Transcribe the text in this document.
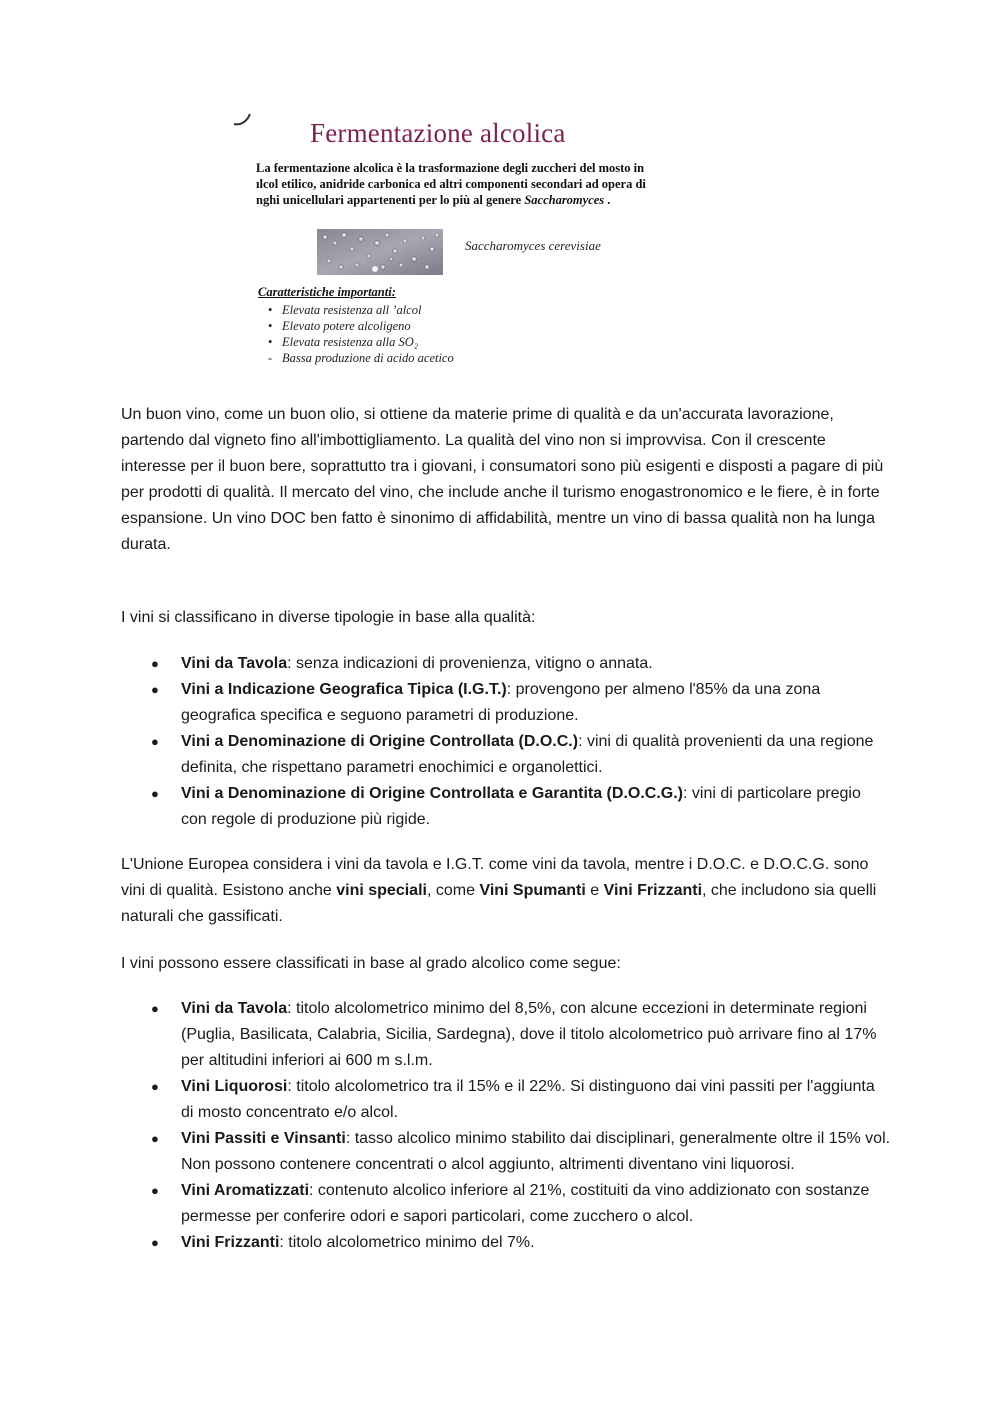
Fermentazione alcolica
La fermentazione alcolica è la trasformazione degli zuccheri del mosto in
ılcol etilico, anidride carbonica ed altri componenti secondari ad opera di
nghi unicellulari appartenenti per lo più al genere Saccharomyces .
Saccharomyces cerevisiae
Caratteristiche importanti:
• Elevata resistenza all ’alcol
• Elevato potere alcoligeno
• Elevata resistenza alla SO₂
- Bassa produzione di acido acetico

Un buon vino, come un buon olio, si ottiene da materie prime di qualità e da un'accurata lavorazione, partendo dal vigneto fino all'imbottigliamento. La qualità del vino non si improvvisa. Con il crescente interesse per il buon bere, soprattutto tra i giovani, i consumatori sono più esigenti e disposti a pagare di più per prodotti di qualità. Il mercato del vino, che include anche il turismo enogastronomico e le fiere, è in forte espansione. Un vino DOC ben fatto è sinonimo di affidabilità, mentre un vino di bassa qualità non ha lunga durata.

I vini si classificano in diverse tipologie in base alla qualità:

● Vini da Tavola: senza indicazioni di provenienza, vitigno o annata.
● Vini a Indicazione Geografica Tipica (I.G.T.): provengono per almeno l'85% da una zona geografica specifica e seguono parametri di produzione.
● Vini a Denominazione di Origine Controllata (D.O.C.): vini di qualità provenienti da una regione definita, che rispettano parametri enochimici e organolettici.
● Vini a Denominazione di Origine Controllata e Garantita (D.O.C.G.): vini di particolare pregio con regole di produzione più rigide.

L'Unione Europea considera i vini da tavola e I.G.T. come vini da tavola, mentre i D.O.C. e D.O.C.G. sono vini di qualità. Esistono anche vini speciali, come Vini Spumanti e Vini Frizzanti, che includono sia quelli naturali che gassificati.

I vini possono essere classificati in base al grado alcolico come segue:

● Vini da Tavola: titolo alcolometrico minimo del 8,5%, con alcune eccezioni in determinate regioni (Puglia, Basilicata, Calabria, Sicilia, Sardegna), dove il titolo alcolometrico può arrivare fino al 17% per altitudini inferiori ai 600 m s.l.m.
● Vini Liquorosi: titolo alcolometrico tra il 15% e il 22%. Si distinguono dai vini passiti per l'aggiunta di mosto concentrato e/o alcol.
● Vini Passiti e Vinsanti: tasso alcolico minimo stabilito dai disciplinari, generalmente oltre il 15% vol. Non possono contenere concentrati o alcol aggiunto, altrimenti diventano vini liquorosi.
● Vini Aromatizzati: contenuto alcolico inferiore al 21%, costituiti da vino addizionato con sostanze permesse per conferire odori e sapori particolari, come zucchero o alcol.
● Vini Frizzanti: titolo alcolometrico minimo del 7%.
